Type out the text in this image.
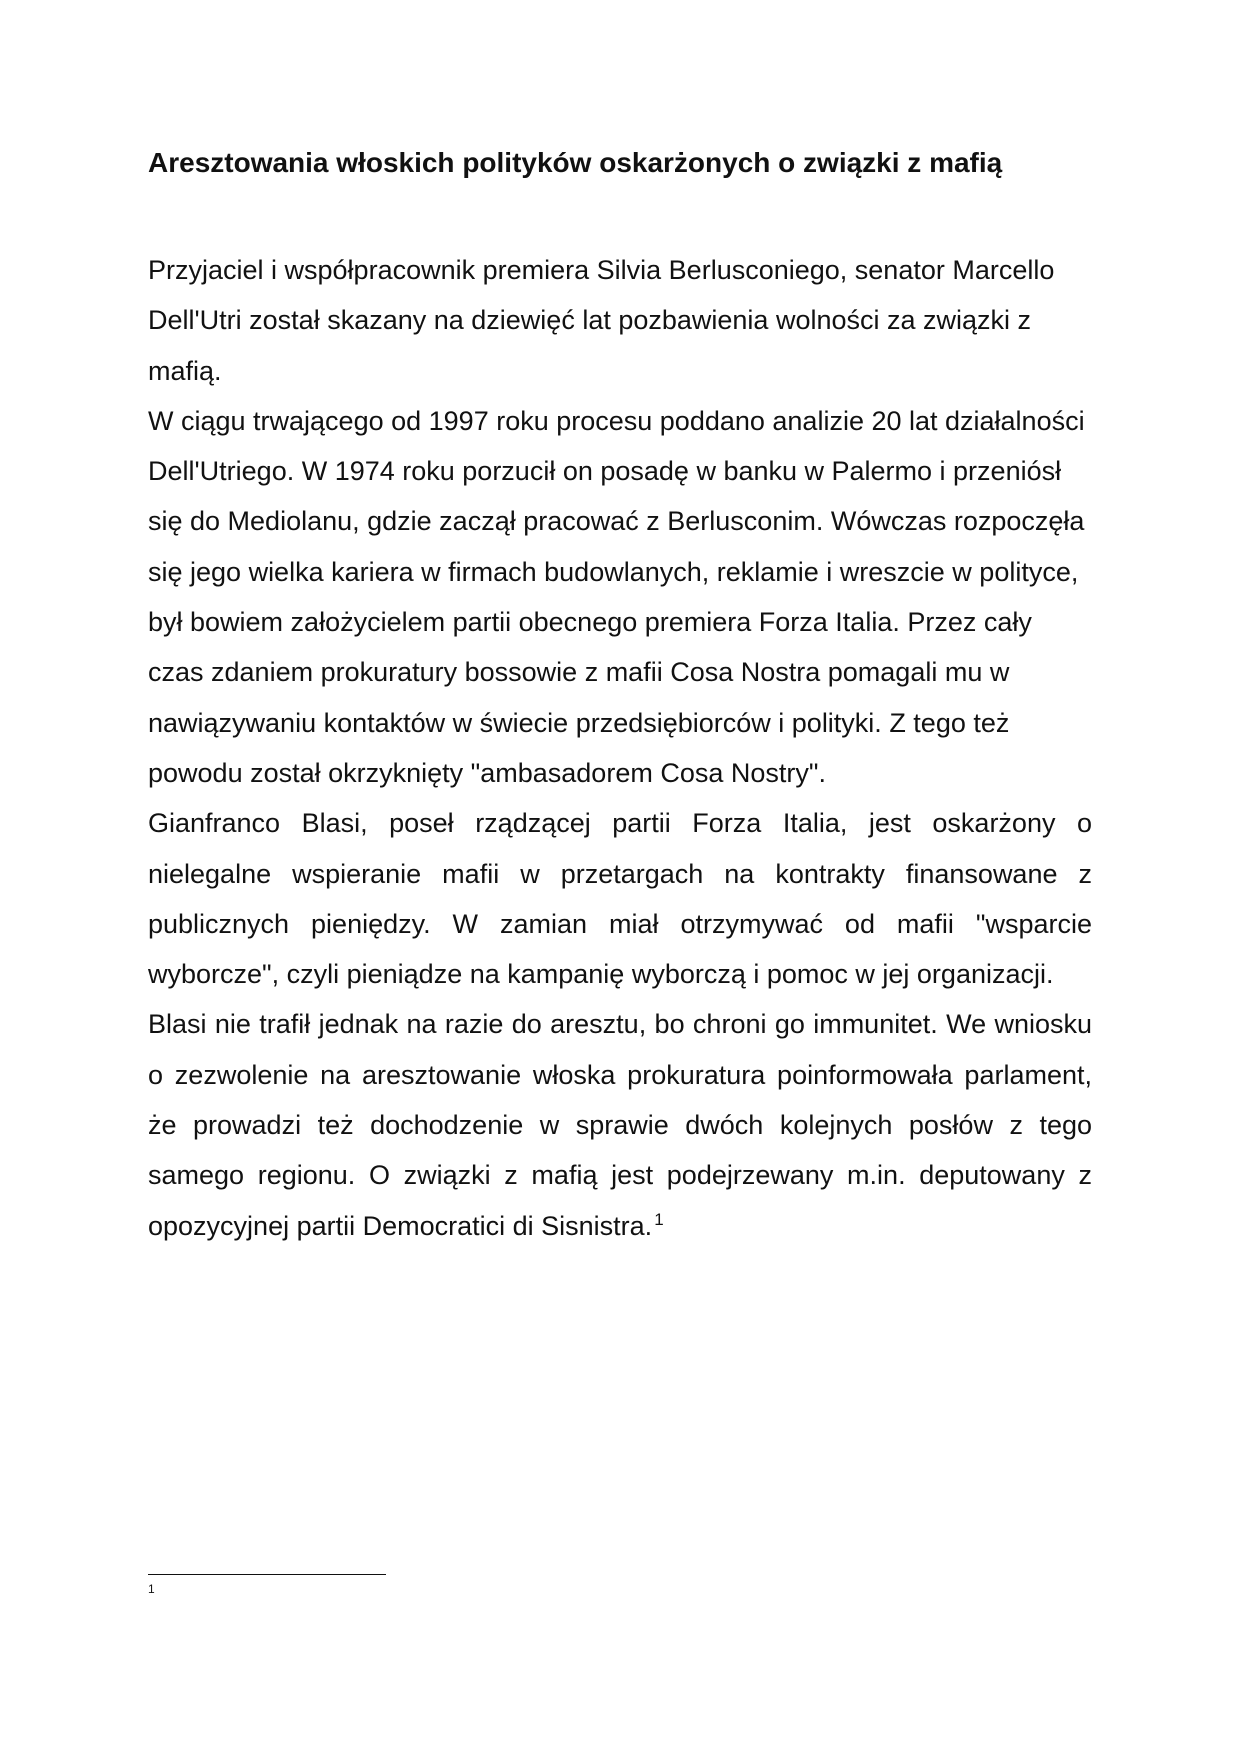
Aresztowania włoskich polityków oskarżonych o związki z mafią

Przyjaciel i współpracownik premiera Silvia Berlusconiego, senator Marcello Dell'Utri został skazany na dziewięć lat pozbawienia wolności za związki z mafią.

W ciągu trwającego od 1997 roku procesu poddano analizie 20 lat działalności Dell'Utriego. W 1974 roku porzucił on posadę w banku w Palermo i przeniósł się do Mediolanu, gdzie zaczął pracować z Berlusconim. Wówczas rozpoczęła się jego wielka kariera w firmach budowlanych, reklamie i wreszcie w polityce, był bowiem założycielem partii obecnego premiera Forza Italia. Przez cały czas zdaniem prokuratury bossowie z mafii Cosa Nostra pomagali mu w nawiązywaniu kontaktów w świecie przedsiębiorców i polityki. Z tego też powodu został okrzyknięty "ambasadorem Cosa Nostry".

Gianfranco Blasi, poseł rządzącej partii Forza Italia, jest oskarżony o nielegalne wspieranie mafii w przetargach na kontrakty finansowane z publicznych pieniędzy. W zamian miał otrzymywać od mafii "wsparcie wyborcze", czyli pieniądze na kampanię wyborczą i pomoc w jej organizacji.

Blasi nie trafił jednak na razie do aresztu, bo chroni go immunitet. We wniosku o zezwolenie na aresztowanie włoska prokuratura poinformowała parlament, że prowadzi też dochodzenie w sprawie dwóch kolejnych posłów z tego samego regionu. O związki z mafią jest podejrzewany m.in. deputowany z opozycyjnej partii Democratici di Sisnistra. $^1$

1
